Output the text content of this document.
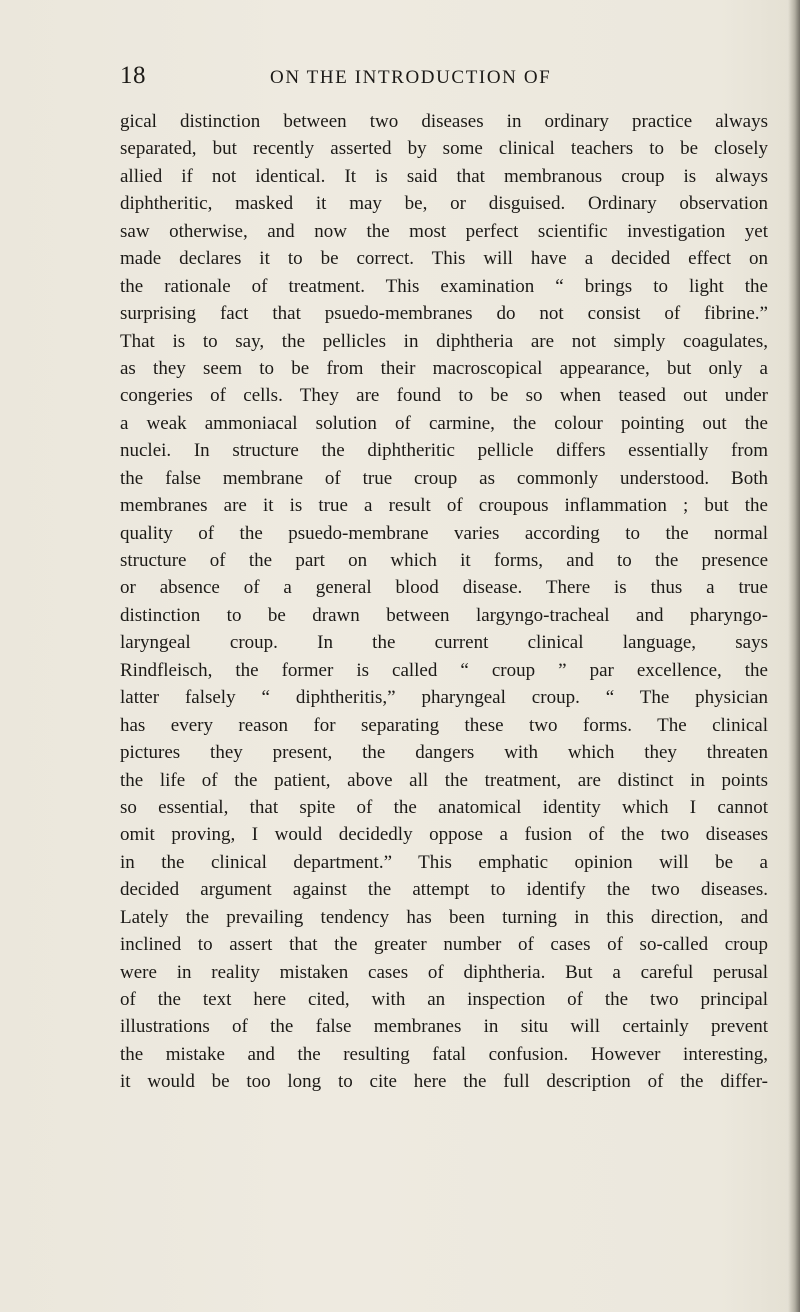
18	ON THE INTRODUCTION OF
gical distinction between two diseases in ordinary practice always
separated, but recently asserted by some clinical teachers to be closely
allied if not identical. It is said that membranous croup is always
diphtheritic, masked it may be, or disguised. Ordinary observation
saw otherwise, and now the most perfect scientific investigation yet
made declares it to be correct. This will have a decided effect on
the rationale of treatment. This examination “ brings to light the
surprising fact that psuedo-membranes do not consist of fibrine.”
That is to say, the pellicles in diphtheria are not simply coagulates,
as they seem to be from their macroscopical appearance, but only a
congeries of cells. They are found to be so when teased out under
a weak ammoniacal solution of carmine, the colour pointing out the
nuclei. In structure the diphtheritic pellicle differs essentially from
the false membrane of true croup as commonly understood. Both
membranes are it is true a result of croupous inflammation ; but the
quality of the psuedo-membrane varies according to the normal
structure of the part on which it forms, and to the presence
or absence of a general blood disease. There is thus a true
distinction to be drawn between largyngo-tracheal and pharyngo-
laryngeal croup. In the current clinical language, says
Rindfleisch, the former is called “ croup ” par excellence, the
latter falsely “ diphtheritis,” pharyngeal croup. “ The physician
has every reason for separating these two forms. The clinical
pictures they present, the dangers with which they threaten
the life of the patient, above all the treatment, are distinct in points
so essential, that spite of the anatomical identity which I cannot
omit proving, I would decidedly oppose a fusion of the two diseases
in the clinical department.” This emphatic opinion will be a
decided argument against the attempt to identify the two diseases.
Lately the prevailing tendency has been turning in this direction, and
inclined to assert that the greater number of cases of so-called croup
were in reality mistaken cases of diphtheria. But a careful perusal
of the text here cited, with an inspection of the two principal
illustrations of the false membranes in situ will certainly prevent
the mistake and the resulting fatal confusion. However interesting,
it would be too long to cite here the full description of the differ-
